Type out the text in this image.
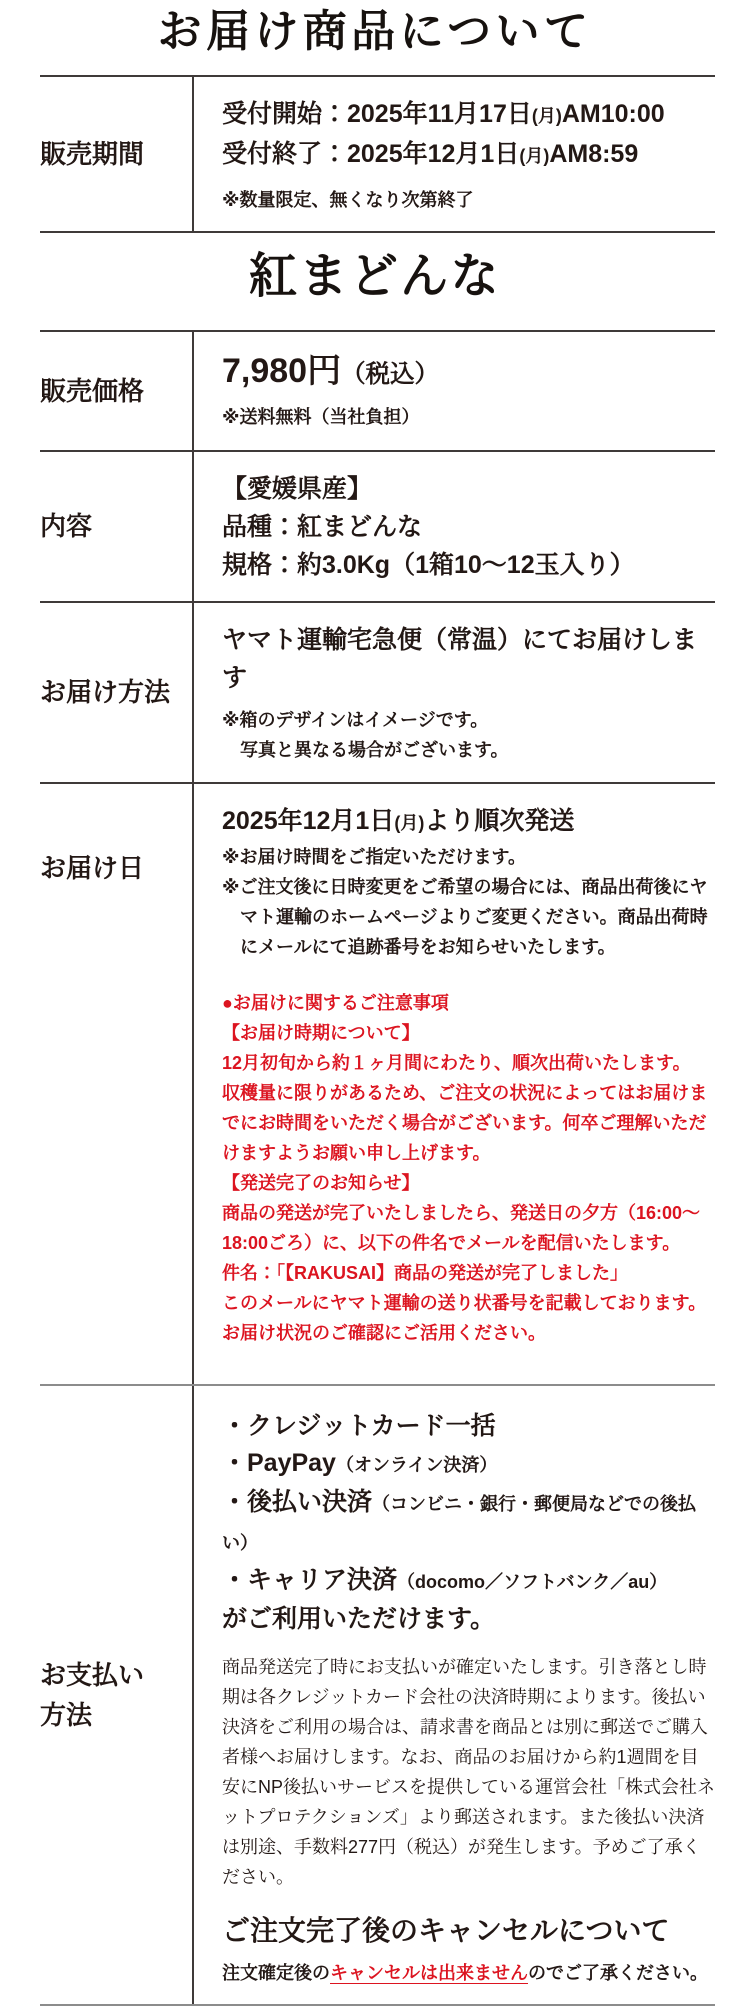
お届け商品について
販売期間
受付開始：2025年11月17日(月)AM10:00
受付終了：2025年12月1日(月)AM8:59
※数量限定、無くなり次第終了
紅まどんな
販売価格
7,980円（税込）
※送料無料（当社負担）
内容
【愛媛県産】
品種：紅まどんな
規格：約3.0Kg（1箱10～12玉入り）
お届け方法
ヤマト運輸宅急便（常温）にてお届けします
※箱のデザインはイメージです。
写真と異なる場合がございます。
お届け日
2025年12月1日(月)より順次発送
※お届け時間をご指定いただけます。
※ご注文後に日時変更をご希望の場合には、商品出荷後にヤマト運輸のホームページよりご変更ください。商品出荷時にメールにて追跡番号をお知らせいたします。
●お届けに関するご注意事項
【お届け時期について】
12月初旬から約１ヶ月間にわたり、順次出荷いたします。
収穫量に限りがあるため、ご注文の状況によってはお届けまでにお時間をいただく場合がございます。何卒ご理解いただけますようお願い申し上げます。
【発送完了のお知らせ】
商品の発送が完了いたしましたら、発送日の夕方（16:00～18:00ごろ）に、以下の件名でメールを配信いたします。
件名：「【RAKUSAI】商品の発送が完了しました」
このメールにヤマト運輸の送り状番号を記載しております。お届け状況のご確認にご活用ください。
お支払い
方法
・クレジットカード一括
・PayPay（オンライン決済）
・後払い決済（コンビニ・銀行・郵便局などでの後払い）
・キャリア決済（docomo／ソフトバンク／au）
がご利用いただけます。
商品発送完了時にお支払いが確定いたします。引き落とし時期は各クレジットカード会社の決済時期によります。後払い決済をご利用の場合は、請求書を商品とは別に郵送でご購入者様へお届けします。なお、商品のお届けから約1週間を目安にNP後払いサービスを提供している運営会社「株式会社ネットプロテクションズ」より郵送されます。また後払い決済は別途、手数料277円（税込）が発生します。予めご了承ください。
ご注文完了後のキャンセルについて
注文確定後のキャンセルは出来ませんのでご了承ください。
